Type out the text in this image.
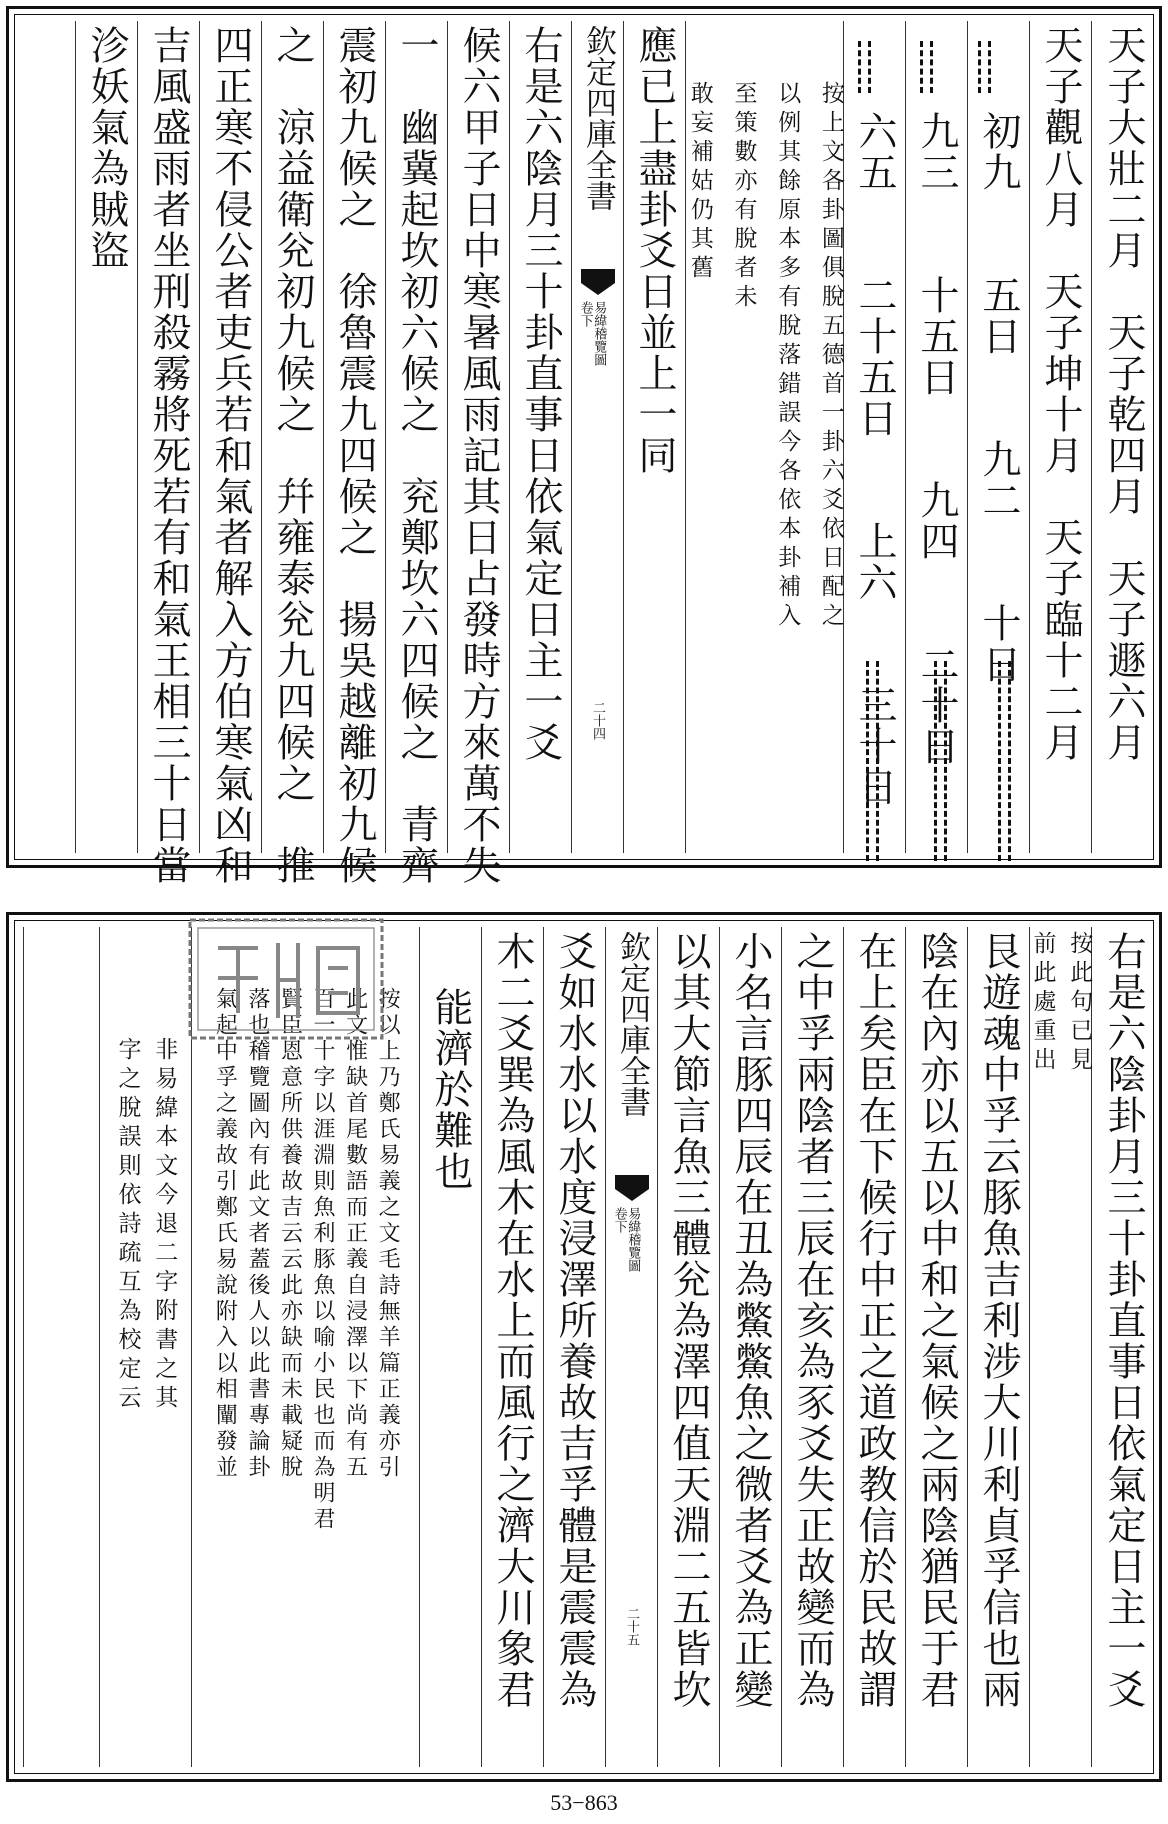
天子大壯二月　天子乾四月　天子遯六月
天子觀八月　天子坤十月　天子臨十二月
初九　　五日　　九二　　十日
九三　　十五日　　九四　　二十日
六五　　二十五日　　上六　　三十日
按上文各卦圖俱脫五德首一卦六爻依日配之
以例其餘原本多有脫落錯誤今各依本卦補入
至策數亦有脫者未
敢妄補姑仍其舊
應已上盡卦爻日並上一同
欽定四庫全書
易緯稽覽圖
卷下
二十四
右是六陰月三十卦直事日依氣定日主一爻
候六甲子日中寒暑風雨記其日占發時方來萬不失
一　幽冀起坎初六候之　兖鄭坎六四候之　青齊
震初九候之　徐魯震九四候之　揚吳越離初九候
之　涼益衛兊初九候之　幷雍泰兊九四候之　推
四正寒不侵公者吏兵若和氣者解入方伯寒氣凶和
吉風盛雨者坐刑殺霧將死若有和氣王相三十日當
沴妖氣為賊盜
右是六陰卦月三十卦直事日依氣定日主一爻
按此句已見
前此處重出
艮遊魂中孚云豚魚吉利涉大川利貞孚信也兩
陰在內亦以五以中和之氣候之兩陰猶民于君
在上矣臣在下候行中正之道政教信於民故謂
之中孚兩陰者三辰在亥為豕爻失正故變而為
小名言豚四辰在丑為鱉鱉魚之微者爻為正變
以其大節言魚三體兊為澤四值天淵二五皆坎
欽定四庫全書
易緯稽覽圖
卷下
二十五
爻如水水以水度浸澤所養故吉孚體是震震為
木二爻巽為風木在水上而風行之濟大川象君
能濟於難也
按以上乃鄭氏易義之文毛詩無羊篇正義亦引
此文惟缺首尾數語而正義自浸澤以下尚有五
百一十字以涯淵則魚利豚魚以喻小民也而為明君
賢臣恩意所供養故吉云云此亦缺而未載疑脫
落也稽覽圖內有此文者蓋後人以此書專論卦
氣起中孚之義故引鄭氏易說附入以相闡發並
非易緯本文今退二字附書之其
字之脫誤則依詩疏互為校定云
53−863
